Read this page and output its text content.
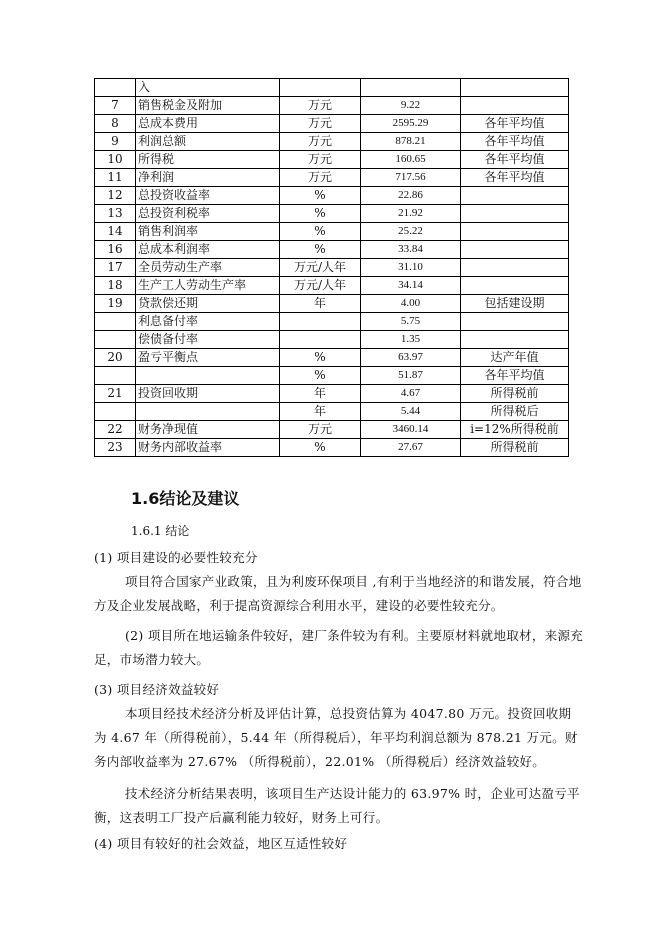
	入			
7	销售税金及附加	万元	9.22	
8	总成本费用	万元	2595.29	各年平均值
9	利润总额	万元	878.21	各年平均值
10	所得税	万元	160.65	各年平均值
11	净利润	万元	717.56	各年平均值
12	总投资收益率	%	22.86	
13	总投资利税率	%	21.92	
14	销售利润率	%	25.22	
16	总成本利润率	%	33.84	
17	全员劳动生产率	万元/人年	31.10	
18	生产工人劳动生产率	万元/人年	34.14	
19	贷款偿还期	年	4.00	包括建设期
	利息备付率		5.75	
	偿债备付率		1.35	
20	盈亏平衡点	%	63.97	达产年值
		%	51.87	各年平均值
21	投资回收期	年	4.67	所得税前
		年	5.44	所得税后
22	财务净现值	万元	3460.14	i=12%所得税前
23	财务内部收益率	%	27.67	所得税前
1.6结论及建议

1.6.1 结论

(1) 项目建设的必要性较充分

项目符合国家产业政策，且为利废环保项目 ,有利于当地经济的和谐发展，符合地方及企业发展战略，利于提高资源综合利用水平，建设的必要性较充分。

(2) 项目所在地运输条件较好，建厂条件较为有利。主要原材料就地取材，来源充足，市场潜力较大。

(3) 项目经济效益较好

本项目经技术经济分析及评估计算，总投资估算为 4047.80 万元。投资回收期为 4.67 年（所得税前），5.44 年（所得税后），年平均利润总额为 878.21 万元。财务内部收益率为 27.67% （所得税前），22.01% （所得税后）经济效益较好。

技术经济分析结果表明，该项目生产达设计能力的 63.97% 时，企业可达盈亏平衡，这表明工厂投产后赢利能力较好，财务上可行。

(4) 项目有较好的社会效益，地区互适性较好
